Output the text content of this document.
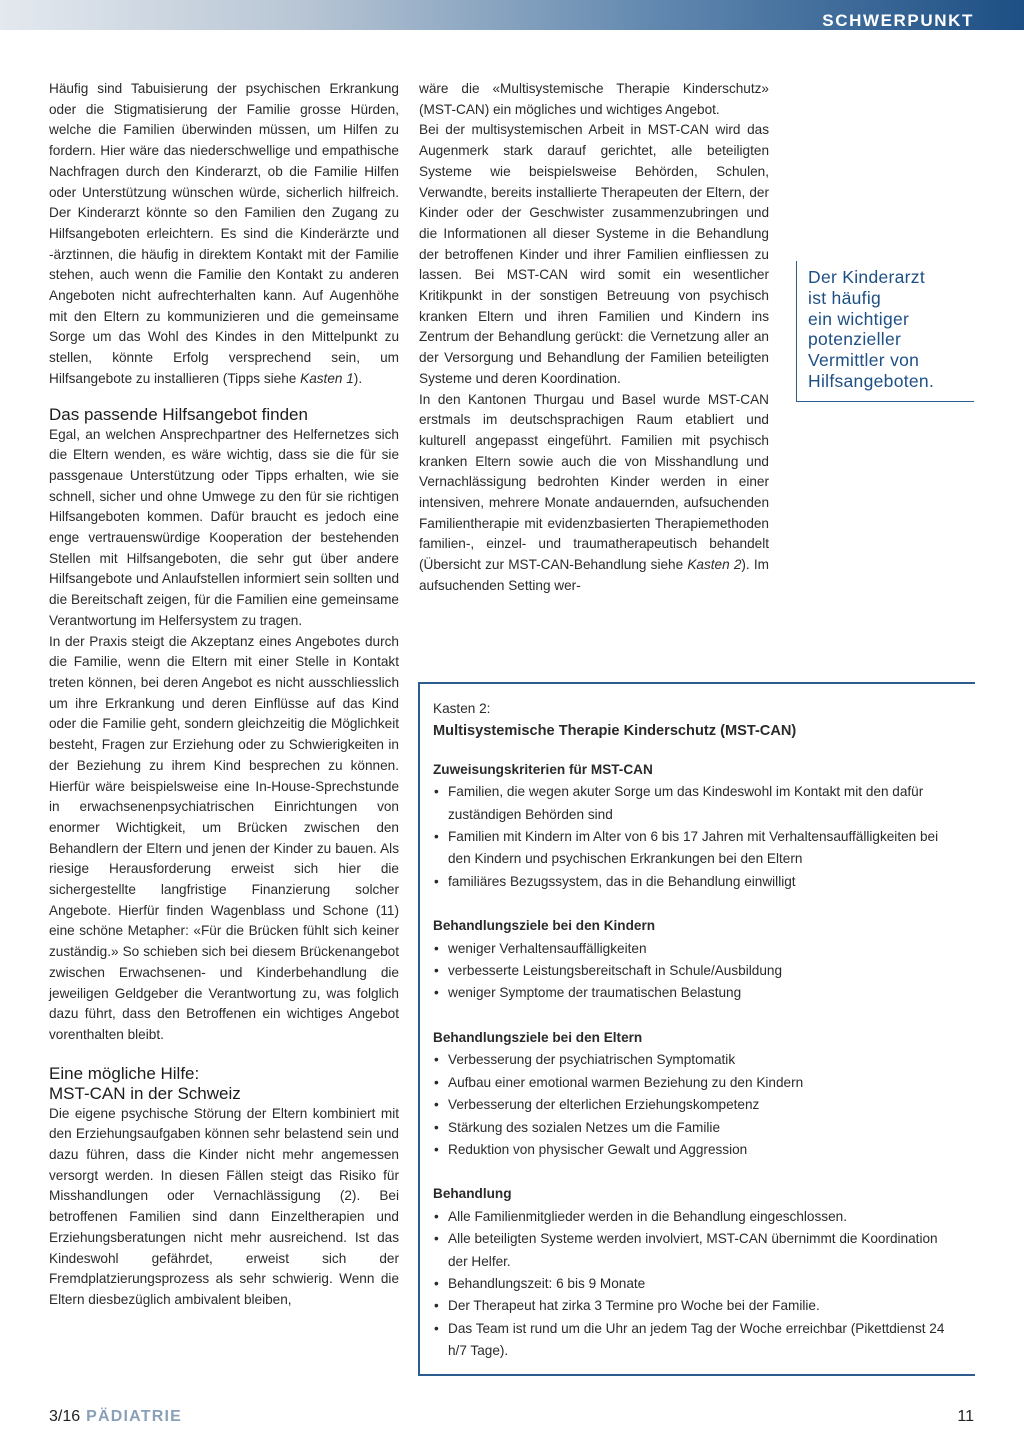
SCHWERPUNKT

Häufig sind Tabuisierung der psychischen Erkrankung oder die Stigmatisierung der Familie grosse Hürden, welche die Familien überwinden müssen, um Hilfen zu fordern. Hier wäre das niederschwellige und empathische Nachfragen durch den Kinderarzt, ob die Familie Hilfen oder Unterstützung wünschen würde, sicherlich hilfreich. Der Kinderarzt könnte so den Familien den Zugang zu Hilfsangeboten erleichtern. Es sind die Kinderärzte und -ärztinnen, die häufig in direktem Kontakt mit der Familie stehen, auch wenn die Familie den Kontakt zu anderen Angeboten nicht aufrechterhalten kann. Auf Augenhöhe mit den Eltern zu kommunizieren und die gemeinsame Sorge um das Wohl des Kindes in den Mittelpunkt zu stellen, könnte Erfolg versprechend sein, um Hilfsangebote zu installieren (Tipps siehe Kasten 1).

Das passende Hilfsangebot finden

Egal, an welchen Ansprechpartner des Helfernetzes sich die Eltern wenden, es wäre wichtig, dass sie die für sie passgenaue Unterstützung oder Tipps erhalten, wie sie schnell, sicher und ohne Umwege zu den für sie richtigen Hilfsangeboten kommen. Dafür braucht es jedoch eine enge vertrauenswürdige Kooperation der bestehenden Stellen mit Hilfsangeboten, die sehr gut über andere Hilfsangebote und Anlaufstellen informiert sein sollten und die Bereitschaft zeigen, für die Familien eine gemeinsame Verantwortung im Helfersystem zu tragen.

In der Praxis steigt die Akzeptanz eines Angebotes durch die Familie, wenn die Eltern mit einer Stelle in Kontakt treten können, bei deren Angebot es nicht ausschliesslich um ihre Erkrankung und deren Einflüsse auf das Kind oder die Familie geht, sondern gleichzeitig die Möglichkeit besteht, Fragen zur Erziehung oder zu Schwierigkeiten in der Beziehung zu ihrem Kind besprechen zu können. Hierfür wäre beispielsweise eine In-House-Sprechstunde in erwachsenenpsychiatrischen Einrichtungen von enormer Wichtigkeit, um Brücken zwischen den Behandlern der Eltern und jenen der Kinder zu bauen. Als riesige Herausforderung erweist sich hier die sichergestellte langfristige Finanzierung solcher Angebote. Hierfür finden Wagenblass und Schone (11) eine schöne Metapher: «Für die Brücken fühlt sich keiner zuständig.» So schieben sich bei diesem Brückenangebot zwischen Erwachsenen- und Kinderbehandlung die jeweiligen Geldgeber die Verantwortung zu, was folglich dazu führt, dass den Betroffenen ein wichtiges Angebot vorenthalten bleibt.

Eine mögliche Hilfe:
MST-CAN in der Schweiz

Die eigene psychische Störung der Eltern kombiniert mit den Erziehungsaufgaben können sehr belastend sein und dazu führen, dass die Kinder nicht mehr angemessen versorgt werden. In diesen Fällen steigt das Risiko für Misshandlungen oder Vernachlässigung (2). Bei betroffenen Familien sind dann Einzeltherapien und Erziehungsberatungen nicht mehr ausreichend. Ist das Kindeswohl gefährdet, erweist sich der Fremdplatzierungsprozess als sehr schwierig. Wenn die Eltern diesbezüglich ambivalent bleiben,

wäre die «Multisystemische Therapie Kinderschutz» (MST-CAN) ein mögliches und wichtiges Angebot.

Bei der multisystemischen Arbeit in MST-CAN wird das Augenmerk stark darauf gerichtet, alle beteiligten Systeme wie beispielsweise Behörden, Schulen, Verwandte, bereits installierte Therapeuten der Eltern, der Kinder oder der Geschwister zusammenzubringen und die Informationen all dieser Systeme in die Behandlung der betroffenen Kinder und ihrer Familien einfliessen zu lassen. Bei MST-CAN wird somit ein wesentlicher Kritikpunkt in der sonstigen Betreuung von psychisch kranken Eltern und ihren Familien und Kindern ins Zentrum der Behandlung gerückt: die Vernetzung aller an der Versorgung und Behandlung der Familien beteiligten Systeme und deren Koordination.

In den Kantonen Thurgau und Basel wurde MST-CAN erstmals im deutschsprachigen Raum etabliert und kulturell angepasst eingeführt. Familien mit psychisch kranken Eltern sowie auch die von Misshandlung und Vernachlässigung bedrohten Kinder werden in einer intensiven, mehrere Monate andauernden, aufsuchenden Familientherapie mit evidenzbasierten Therapiemethoden familien-, einzel- und traumatherapeutisch behandelt (Übersicht zur MST-CAN-Behandlung siehe Kasten 2). Im aufsuchenden Setting wer-

Der Kinderarzt
ist häufig
ein wichtiger
potenzieller
Vermittler von
Hilfsangeboten.
Kasten 2:
Multisystemische Therapie Kinderschutz (MST-CAN)
Zuweisungskriterien für MST-CAN
• Familien, die wegen akuter Sorge um das Kindeswohl im Kontakt mit den dafür zuständigen Behörden sind
• Familien mit Kindern im Alter von 6 bis 17 Jahren mit Verhaltensauffälligkeiten bei den Kindern und psychischen Erkrankungen bei den Eltern
• familiäres Bezugssystem, das in die Behandlung einwilligt
Behandlungsziele bei den Kindern
• weniger Verhaltensauffälligkeiten
• verbesserte Leistungsbereitschaft in Schule/Ausbildung
• weniger Symptome der traumatischen Belastung
Behandlungsziele bei den Eltern
• Verbesserung der psychiatrischen Symptomatik
• Aufbau einer emotional warmen Beziehung zu den Kindern
• Verbesserung der elterlichen Erziehungskompetenz
• Stärkung des sozialen Netzes um die Familie
• Reduktion von physischer Gewalt und Aggression
Behandlung
• Alle Familienmitglieder werden in die Behandlung eingeschlossen.
• Alle beteiligten Systeme werden involviert, MST-CAN übernimmt die Koordination der Helfer.
• Behandlungszeit: 6 bis 9 Monate
• Der Therapeut hat zirka 3 Termine pro Woche bei der Familie.
• Das Team ist rund um die Uhr an jedem Tag der Woche erreichbar (Pikettdienst 24 h/7 Tage).
3/16 PÄDIATRIE	11
